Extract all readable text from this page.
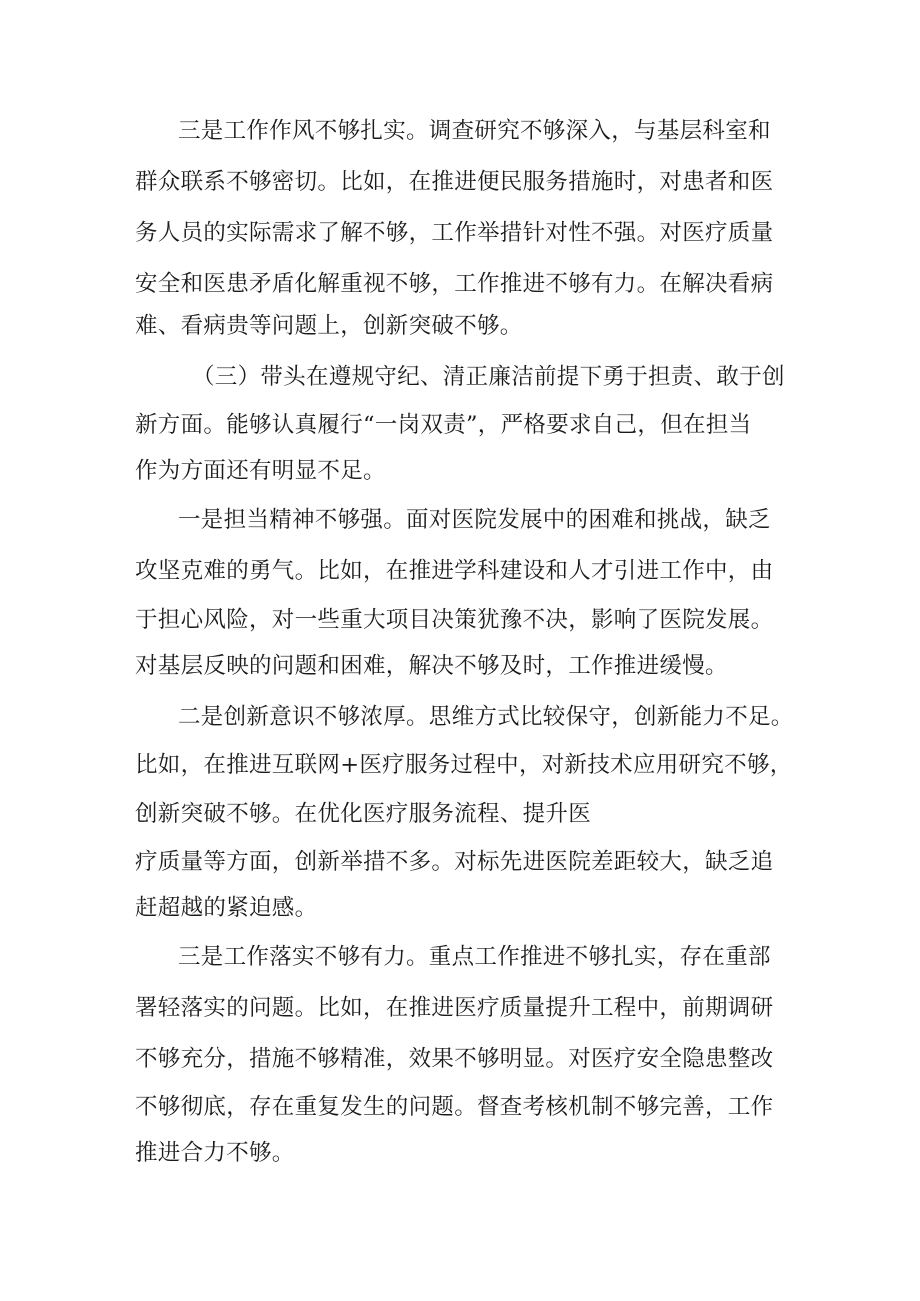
三是工作作风不够扎实。调查研究不够深入，与基层科室和
群众联系不够密切。比如，在推进便民服务措施时，对患者和医
务人员的实际需求了解不够，工作举措针对性不强。对医疗质量
安全和医患矛盾化解重视不够，工作推进不够有力。在解决看病
难、看病贵等问题上，创新突破不够。
（三）带头在遵规守纪、清正廉洁前提下勇于担责、敢于创
新方面。能够认真履行“一岗双责”，严格要求自己，但在担当
作为方面还有明显不足。
一是担当精神不够强。面对医院发展中的困难和挑战，缺乏
攻坚克难的勇气。比如，在推进学科建设和人才引进工作中，由
于担心风险，对一些重大项目决策犹豫不决，影响了医院发展。
对基层反映的问题和困难，解决不够及时，工作推进缓慢。
二是创新意识不够浓厚。思维方式比较保守，创新能力不足。
比如，在推进互联网+医疗服务过程中，对新技术应用研究不够，
创新突破不够。在优化医疗服务流程、提升医
疗质量等方面，创新举措不多。对标先进医院差距较大，缺乏追
赶超越的紧迫感。
三是工作落实不够有力。重点工作推进不够扎实，存在重部
署轻落实的问题。比如，在推进医疗质量提升工程中，前期调研
不够充分，措施不够精准，效果不够明显。对医疗安全隐患整改
不够彻底，存在重复发生的问题。督查考核机制不够完善，工作
推进合力不够。
